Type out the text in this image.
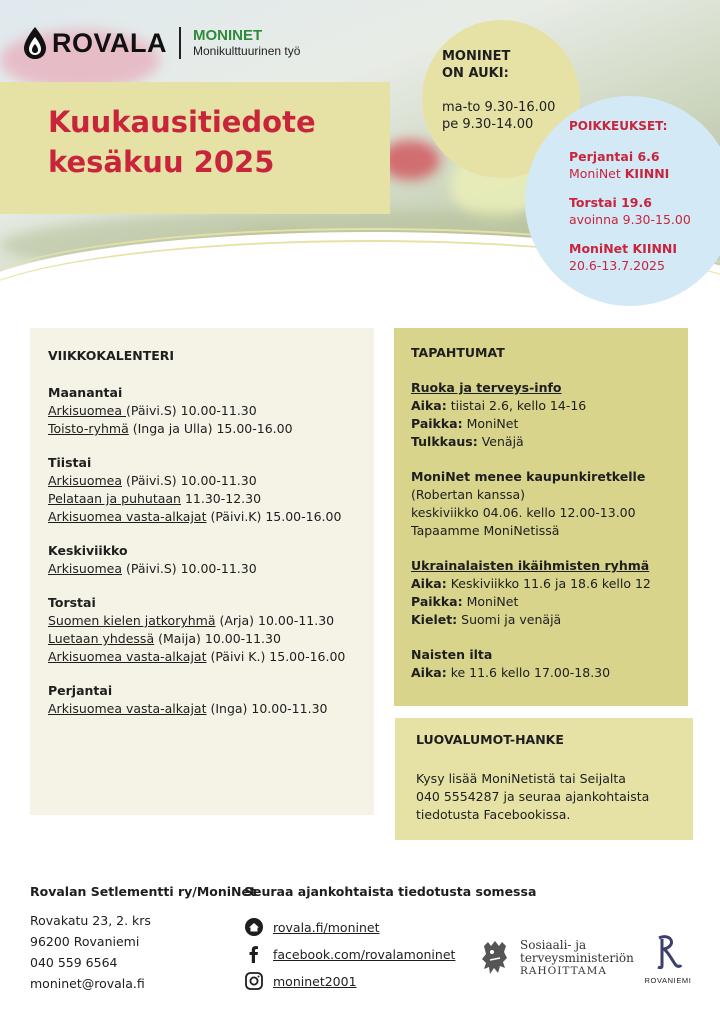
ROVALA MONINET
Monikulttuurinen työ
Kuukausitiedote
kesäkuu 2025
MONINET
ON AUKI:
ma-to 9.30-16.00
pe 9.30-14.00	POIKKEUKSET:
Perjantai 6.6
MoniNet KIINNI
Torstai 19.6
avoinna 9.30-15.00
MoniNet KIINNI
20.6-13.7.2025
VIIKKOKALENTERI
Maanantai
Arkisuomea (Päivi.S) 10.00-11.30
Toisto-ryhmä (Inga ja Ulla) 15.00-16.00
Tiistai
Arkisuomea (Päivi.S) 10.00-11.30
Pelataan ja puhutaan 11.30-12.30
Arkisuomea vasta-alkajat (Päivi.K) 15.00-16.00
Keskiviikko
Arkisuomea (Päivi.S) 10.00-11.30
Torstai
Suomen kielen jatkoryhmä (Arja) 10.00-11.30
Luetaan yhdessä (Maija) 10.00-11.30
Arkisuomea vasta-alkajat (Päivi K.) 15.00-16.00
Perjantai
Arkisuomea vasta-alkajat (Inga) 10.00-11.30
TAPAHTUMAT
Ruoka ja terveys-info
Aika: tiistai 2.6, kello 14-16
Paikka: MoniNet
Tulkkaus: Venäjä
MoniNet menee kaupunkiretkelle
(Robertan kanssa)
keskiviikko 04.06. kello 12.00-13.00
Tapaamme MoniNetissä
Ukrainalaisten ikäihmisten ryhmä
Aika: Keskiviikko 11.6 ja 18.6 kello 12
Paikka: MoniNet
Kielet: Suomi ja venäjä
Naisten ilta
Aika: ke 11.6 kello 17.00-18.30
LUOVALUMOT-HANKE
Kysy lisää MoniNetistä tai Seijalta
040 5554287 ja seuraa ajankohtaista
tiedotusta Facebookissa.
Rovalan Setlementti ry/MoniNet
Rovakatu 23, 2. krs
96200 Rovaniemi
040 559 6564
moninet@rovala.fi
Seuraa ajankohtaista tiedotusta somessa
rovala.fi/moninet
facebook.com/rovalamoninet
moninet2001
Sosiaali- ja
terveysministeriön
RAHOITTAMA
ROVANIEMI
